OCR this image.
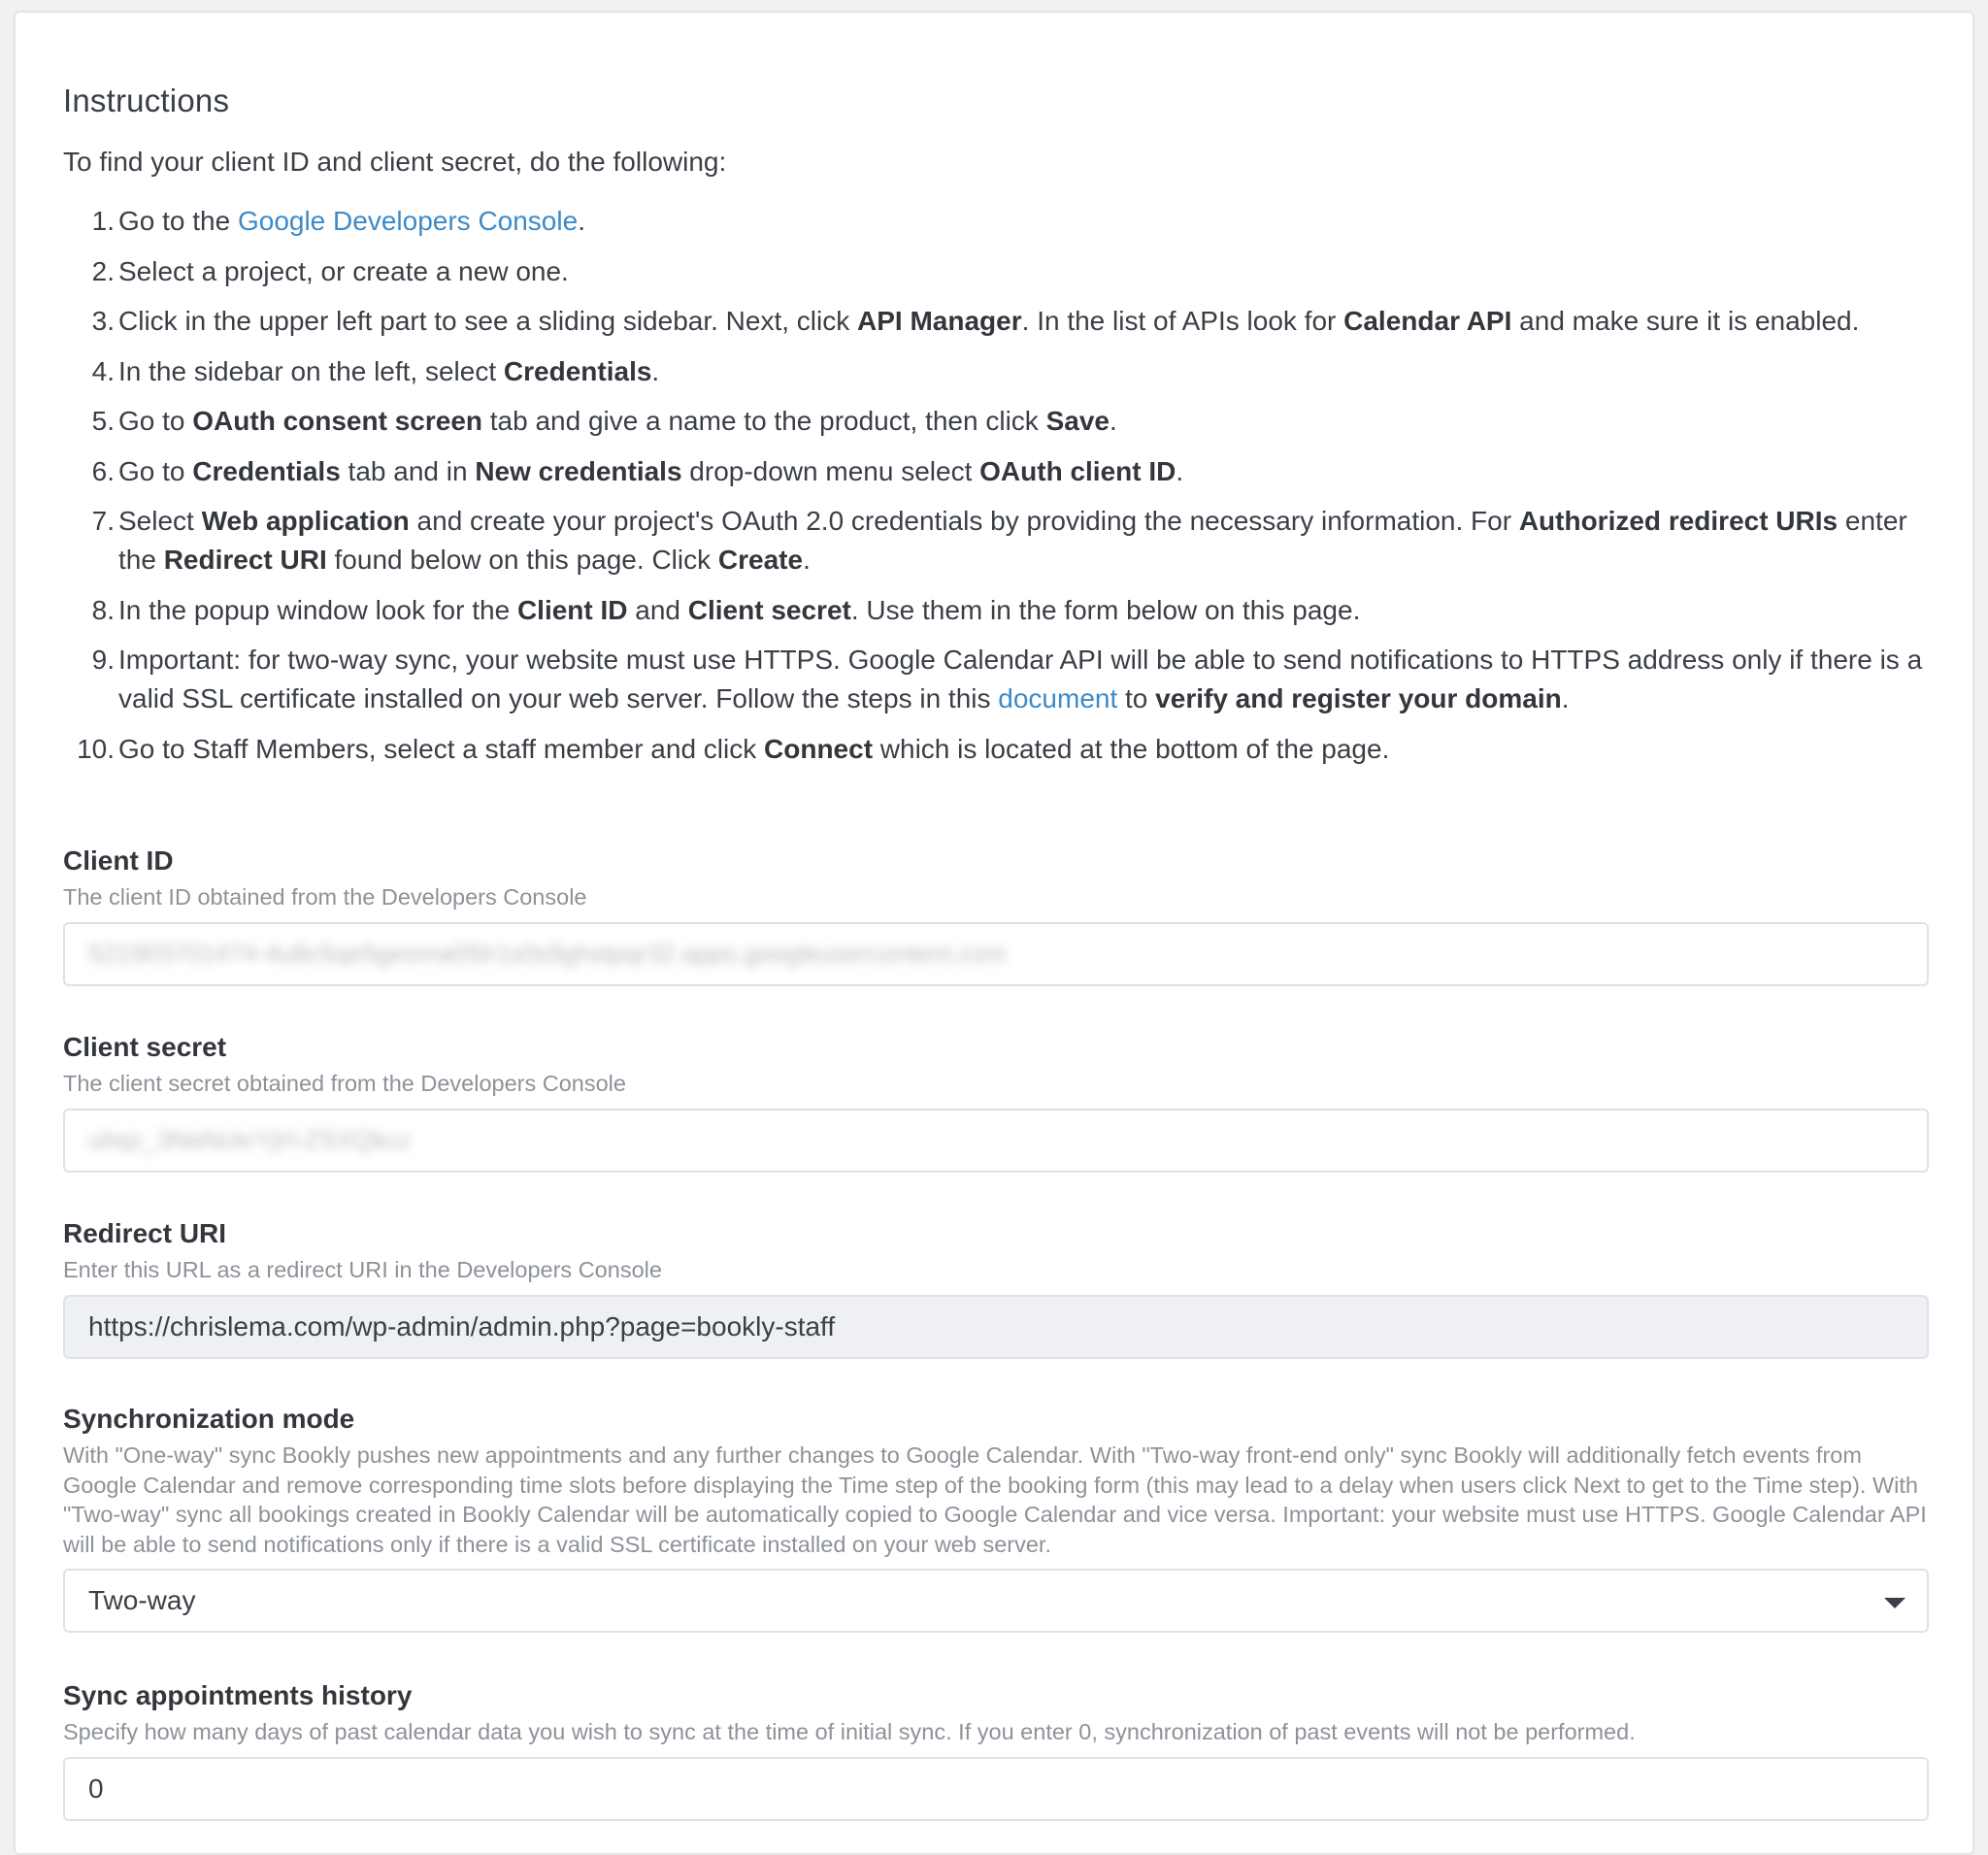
Instructions

To find your client ID and client secret, do the following:

1. Go to the Google Developers Console.
2. Select a project, or create a new one.
3. Click in the upper left part to see a sliding sidebar. Next, click API Manager. In the list of APIs look for Calendar API and make sure it is enabled.
4. In the sidebar on the left, select Credentials.
5. Go to OAuth consent screen tab and give a name to the product, then click Save.
6. Go to Credentials tab and in New credentials drop-down menu select OAuth client ID.
7. Select Web application and create your project's OAuth 2.0 credentials by providing the necessary information. For Authorized redirect URIs enter the Redirect URI found below on this page. Click Create.
8. In the popup window look for the Client ID and Client secret. Use them in the form below on this page.
9. Important: for two-way sync, your website must use HTTPS. Google Calendar API will be able to send notifications to HTTPS address only if there is a valid SSL certificate installed on your web server. Follow the steps in this document to verify and register your domain.
10. Go to Staff Members, select a staff member and click Connect which is located at the bottom of the page.
Client ID
The client ID obtained from the Developers Console
521903701474-4u8c5qe5geoma05lr1s0s9ghstpqr32.apps.googleusercontent.com
Client secret
The client secret obtained from the Developers Console
uhqz_3NeNckrYjH-ZSXQkcz
Redirect URI
Enter this URL as a redirect URI in the Developers Console
https://chrislema.com/wp-admin/admin.php?page=bookly-staff
Synchronization mode
With "One-way" sync Bookly pushes new appointments and any further changes to Google Calendar. With "Two-way front-end only" sync Bookly will additionally fetch events from Google Calendar and remove corresponding time slots before displaying the Time step of the booking form (this may lead to a delay when users click Next to get to the Time step). With "Two-way" sync all bookings created in Bookly Calendar will be automatically copied to Google Calendar and vice versa. Important: your website must use HTTPS. Google Calendar API will be able to send notifications only if there is a valid SSL certificate installed on your web server.
Two-way
Sync appointments history
Specify how many days of past calendar data you wish to sync at the time of initial sync. If you enter 0, synchronization of past events will not be performed.
0
